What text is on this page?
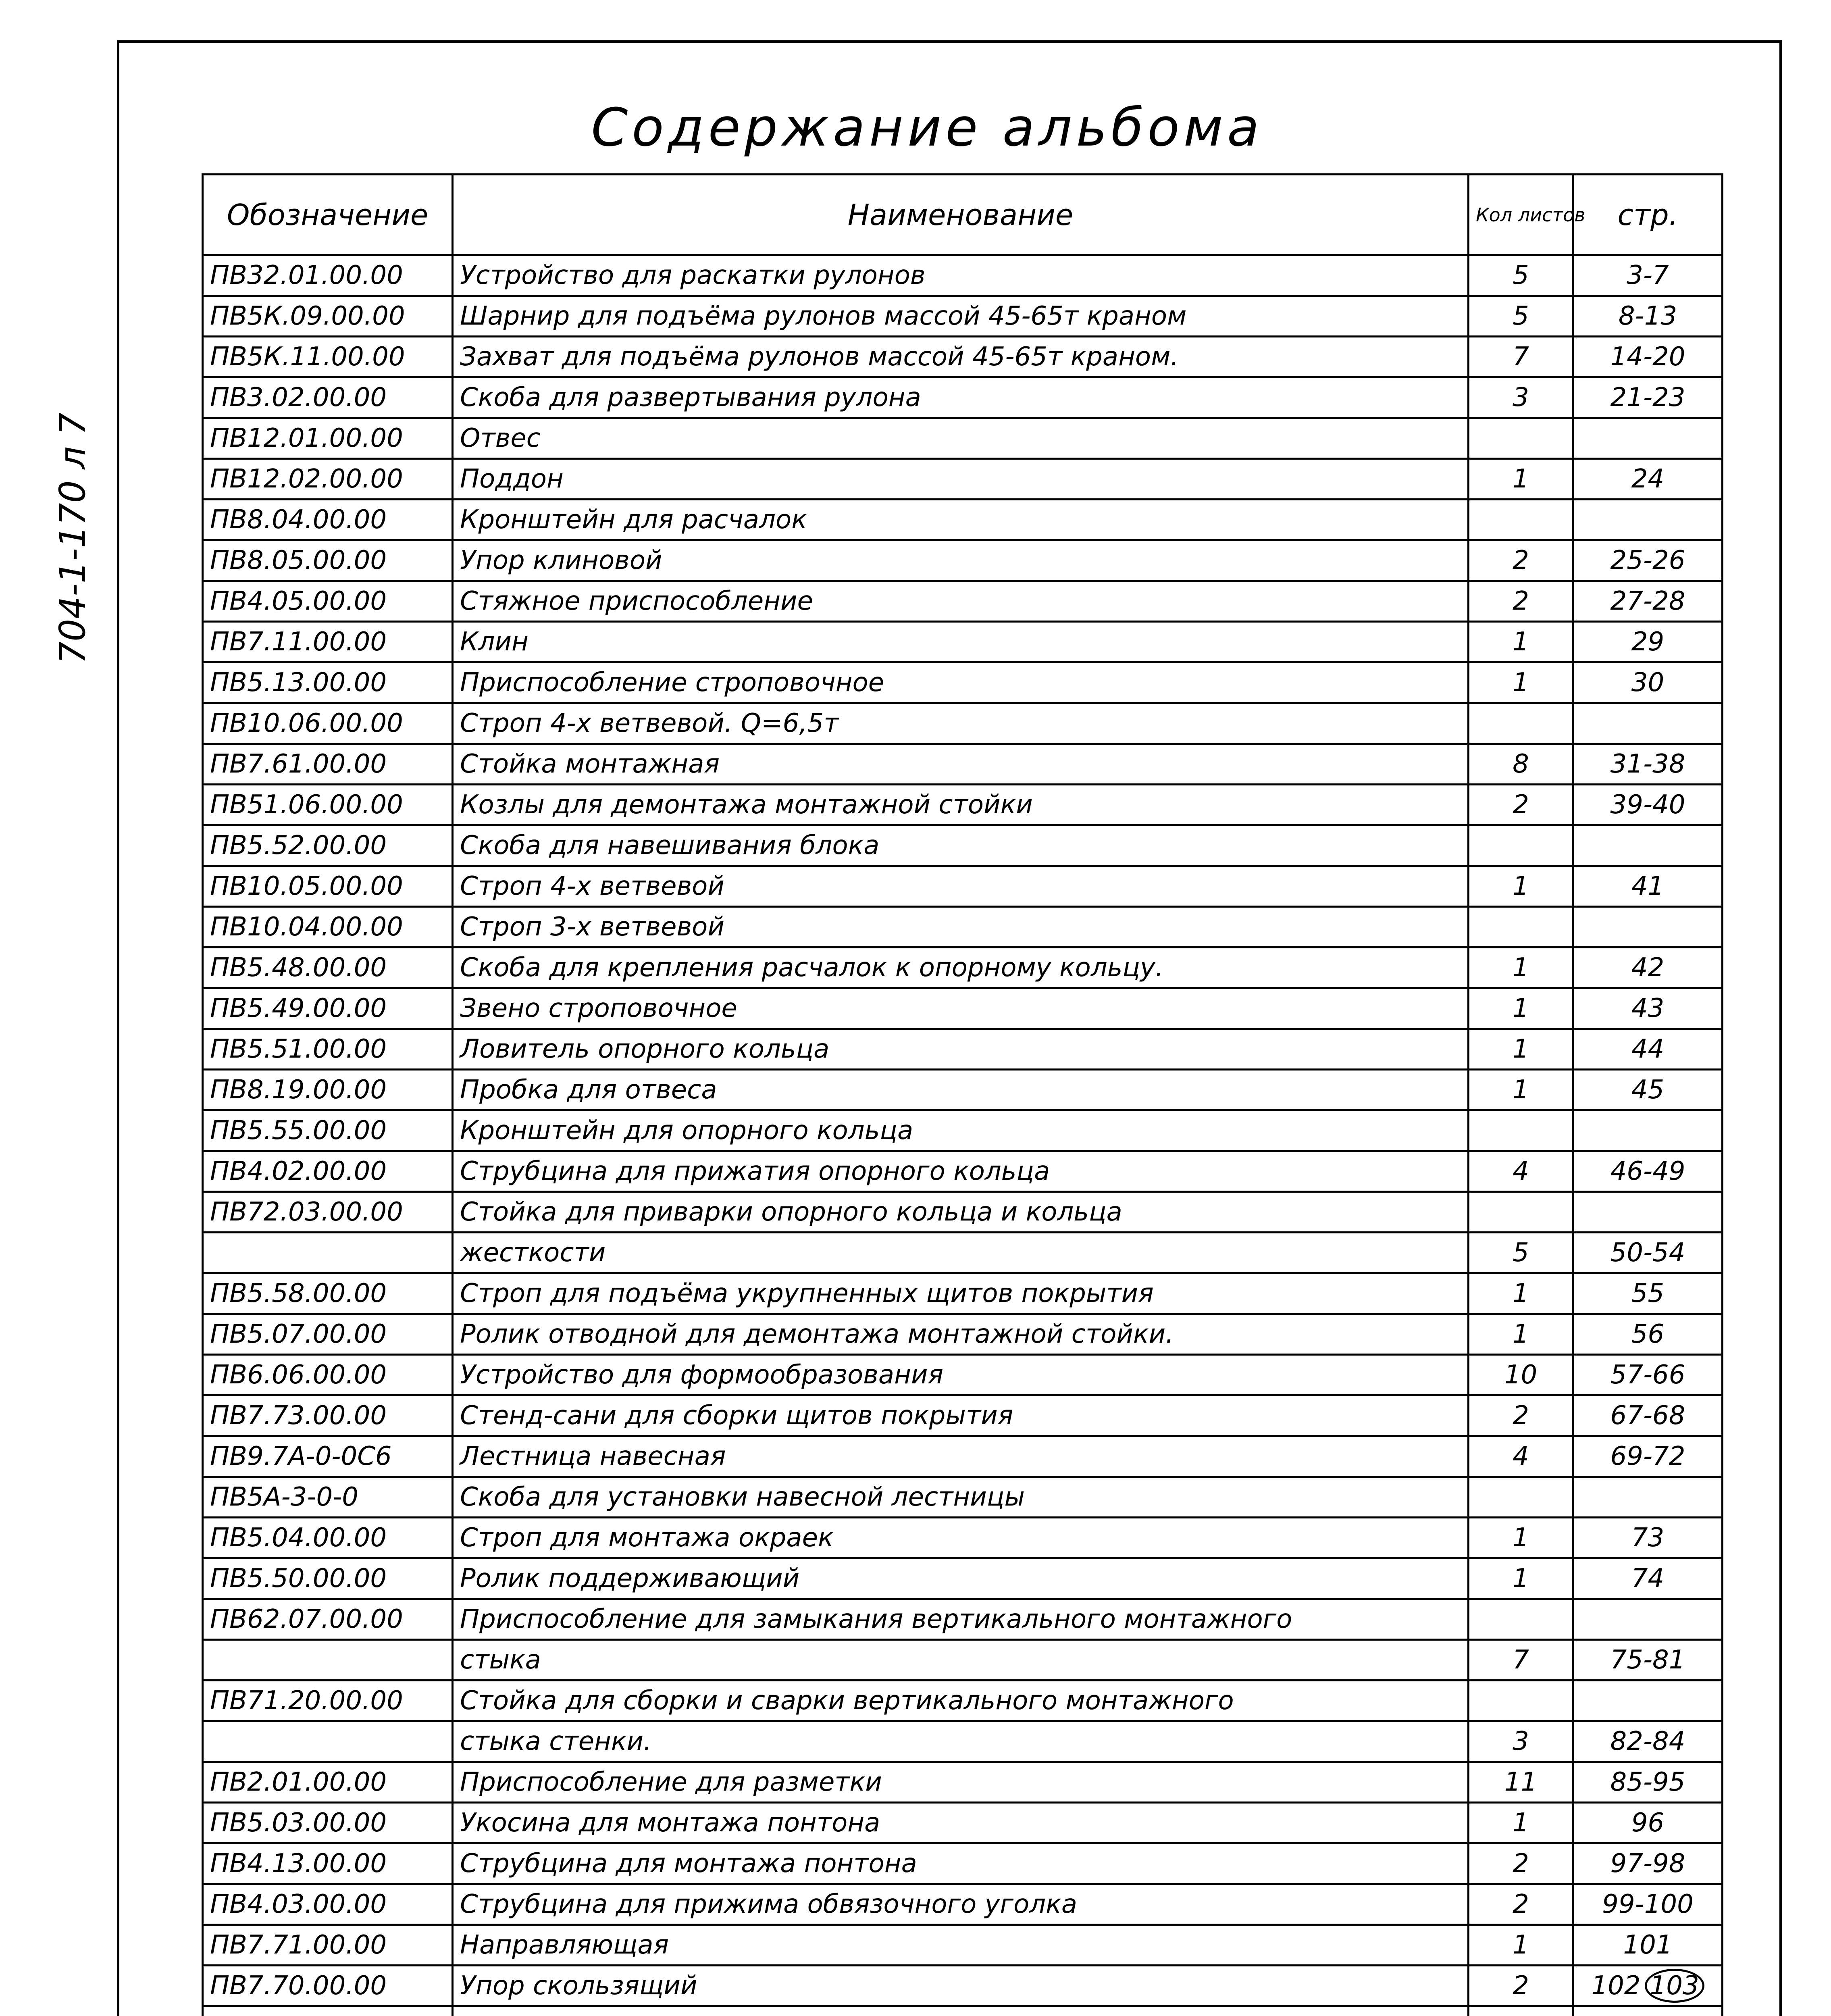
704-1-170 л 7
Содержание альбома
Обозначение	Наименование	Кол листов	стр.
ПВ32.01.00.00	Устройство для раскатки рулонов	5	3-7
ПВ5К.09.00.00	Шарнир для подъёма рулонов массой 45-65т краном	5	8-13
ПВ5К.11.00.00	Захват для подъёма рулонов массой 45-65т краном.	7	14-20
ПВ3.02.00.00	Скоба для развертывания рулона	3	21-23
ПВ12.01.00.00	Отвес		
ПВ12.02.00.00	Поддон	1	24
ПВ8.04.00.00	Кронштейн для расчалок		
ПВ8.05.00.00	Упор клиновой	2	25-26
ПВ4.05.00.00	Стяжное приспособление	2	27-28
ПВ7.11.00.00	Клин	1	29
ПВ5.13.00.00	Приспособление строповочное	1	30
ПВ10.06.00.00	Строп 4-х ветвевой. Q=6,5т		
ПВ7.61.00.00	Стойка монтажная	8	31-38
ПВ51.06.00.00	Козлы для демонтажа монтажной стойки	2	39-40
ПВ5.52.00.00	Скоба для навешивания блока		
ПВ10.05.00.00	Строп 4-х ветвевой	1	41
ПВ10.04.00.00	Строп 3-х ветвевой		
ПВ5.48.00.00	Скоба для крепления расчалок к опорному кольцу.	1	42
ПВ5.49.00.00	Звено строповочное	1	43
ПВ5.51.00.00	Ловитель опорного кольца	1	44
ПВ8.19.00.00	Пробка для отвеса	1	45
ПВ5.55.00.00	Кронштейн для опорного кольца		
ПВ4.02.00.00	Струбцина для прижатия опорного кольца	4	46-49
ПВ72.03.00.00	Стойка для приварки опорного кольца и кольца		
	жесткости	5	50-54
ПВ5.58.00.00	Строп для подъёма укрупненных щитов покрытия	1	55
ПВ5.07.00.00	Ролик отводной для демонтажа монтажной стойки.	1	56
ПВ6.06.00.00	Устройство для формообразования	10	57-66
ПВ7.73.00.00	Стенд-сани для сборки щитов покрытия	2	67-68
ПВ9.7А-0-0С6	Лестница навесная	4	69-72
ПВ5А-3-0-0	Скоба для установки навесной лестницы		
ПВ5.04.00.00	Строп для монтажа окраек	1	73
ПВ5.50.00.00	Ролик поддерживающий	1	74
ПВ62.07.00.00	Приспособление для замыкания вертикального монтажного		
	стыка	7	75-81
ПВ71.20.00.00	Стойка для сборки и сварки вертикального монтажного		
	стыка стенки.	3	82-84
ПВ2.01.00.00	Приспособление для разметки	11	85-95
ПВ5.03.00.00	Укосина для монтажа понтона	1	96
ПВ4.13.00.00	Струбцина для монтажа понтона	2	97-98
ПВ4.03.00.00	Струбцина для прижима обвязочного уголка	2	99-100
ПВ7.71.00.00	Направляющая	1	101
ПВ7.70.00.00	Упор скользящий	2	102 103
